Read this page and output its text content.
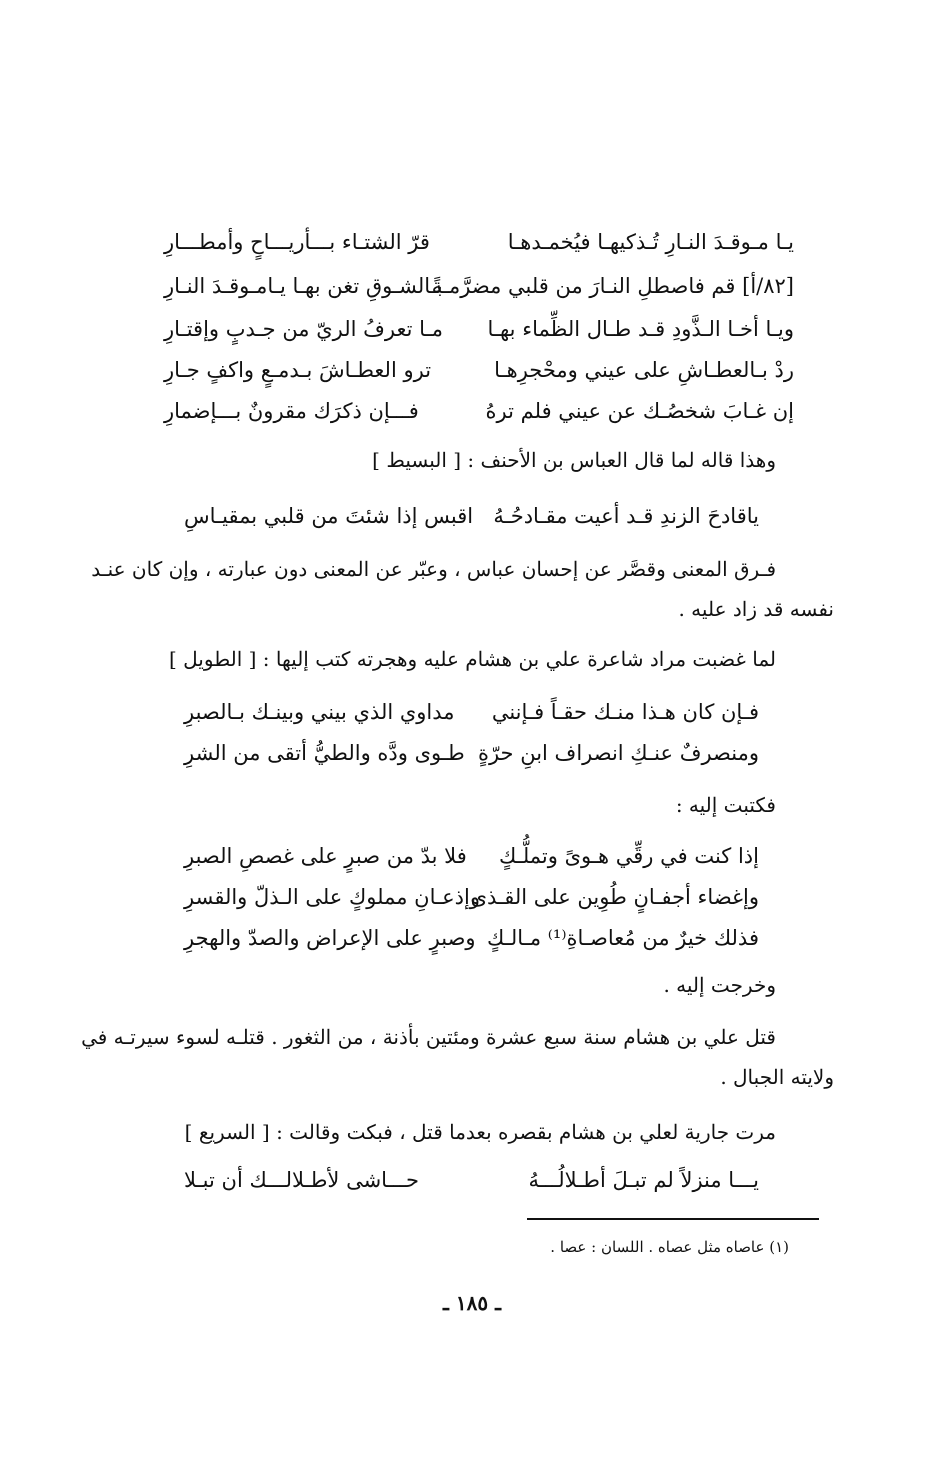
يـا مـوقـدَ النـارِ تُـذكيهـا فيُخمـدهـا
قرّ الشتـاء بـــأريـــاحٍ وأمطـــارِ
[٨٢/أ] قم فاصطلِ النـارَ من قلبي مضرَّمـةً
بـالشـوقِ تغن بهـا يـامـوقـدَ النـارِ
ويـا أخـا الـذَّودِ قـد طـال الظِّماء بهـا
مـا تعرفُ الريّ من جـدبٍ وإقتـارِ
ردْ بـالعطـاشِ على عيني ومحْجرِهـا
ترو العطـاشَ بـدمـعٍ واكفٍ جـارِ
إن غـابَ شخصُـك عن عيني فلم ترهُ
فـــإن ذكرَك مقرونٌ بـــإضمارِ
وهذا قاله لما قال العباس بن الأحنف : [ البسيط ]
ياقادحَ الزندِ قـد أعيت مقـادحُـهُ
اقبس إذا شئتَ من قلبي بمقيـاسِ
فـرق المعنى وقصَّر عن إحسان عباس ، وعبّر عن المعنى دون عبارته ، وإن كان عنـد
نفسه قد زاد عليه .
لما غضبت مراد شاعرة علي بن هشام عليه وهجرته كتب إليها : [ الطويل ]
فـإن كان هـذا منـك حقـاً فـإنني
مداوي الذي بيني وبينـك بـالصبرِ
ومنصرفٌ عنـكِ انصراف ابنِ حرّةٍ
طـوى ودَّه والطيُّ أتقى من الشرِ
فكتبت إليه :
إذا كنت في رقِّي هـوىً وتملُّـكٍ
فلا بدّ من صبرٍ على غصصِ الصبرِ
وإغضاء أجفـانٍ طُوِين على القـذى
وإذعـانِ مملوكٍ على الـذلّ والقسرِ
فذلك خيرٌ من مُعاصـاةِ⁽¹⁾ مـالـكٍ
وصبرٍ على الإعراض والصدّ والهجرِ
وخرجت إليه .
قتل علي بن هشام سنة سبع عشرة ومئتين بأذنة ، من الثغور . قتلـه لسوء سيرتـه في
ولايته الجبال .
مرت جارية لعلي بن هشام بقصره بعدما قتل ، فبكت وقالت : [ السريع ]
يـــا منزلاً لم تبـلَ أطـلالُـــهُ
حـــاشى لأطـلالـــك أن تبـلا
(١) عاصاه مثل عصاه . اللسان : عصا .
ـ ١٨٥ ـ
